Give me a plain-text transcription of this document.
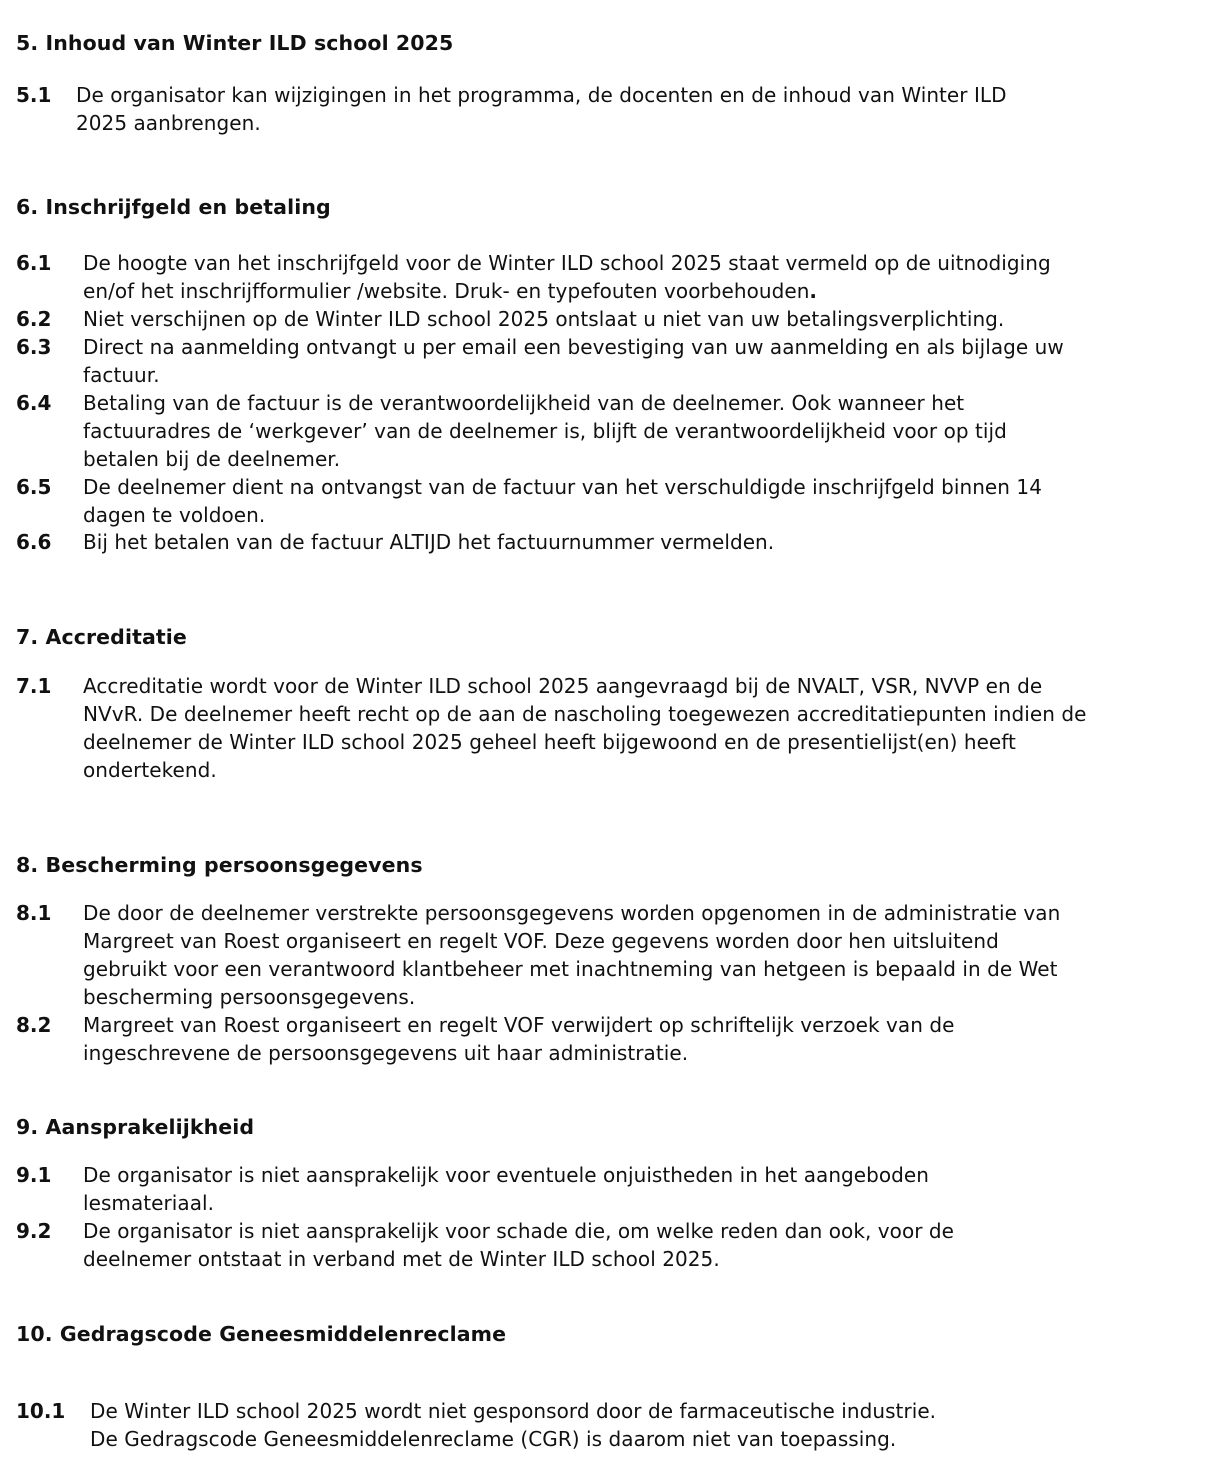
5. Inhoud van Winter ILD school 2025
5.1 De organisator kan wijzigingen in het programma, de docenten en de inhoud van Winter ILD
2025 aanbrengen.
6. Inschrijfgeld en betaling
6.1 De hoogte van het inschrijfgeld voor de Winter ILD school 2025 staat vermeld op de uitnodiging
en/of het inschrijfformulier /website. Druk- en typefouten voorbehouden.
6.2 Niet verschijnen op de Winter ILD school 2025 ontslaat u niet van uw betalingsverplichting.
6.3 Direct na aanmelding ontvangt u per email een bevestiging van uw aanmelding en als bijlage uw
factuur.
6.4 Betaling van de factuur is de verantwoordelijkheid van de deelnemer. Ook wanneer het
factuuradres de ‘werkgever’ van de deelnemer is, blijft de verantwoordelijkheid voor op tijd
betalen bij de deelnemer.
6.5 De deelnemer dient na ontvangst van de factuur van het verschuldigde inschrijfgeld binnen 14
dagen te voldoen.
6.6 Bij het betalen van de factuur ALTIJD het factuurnummer vermelden.
7. Accreditatie
7.1 Accreditatie wordt voor de Winter ILD school 2025 aangevraagd bij de NVALT, VSR, NVVP en de
NVvR. De deelnemer heeft recht op de aan de nascholing toegewezen accreditatiepunten indien de
deelnemer de Winter ILD school 2025 geheel heeft bijgewoond en de presentielijst(en) heeft
ondertekend.
8. Bescherming persoonsgegevens
8.1 De door de deelnemer verstrekte persoonsgegevens worden opgenomen in de administratie van
Margreet van Roest organiseert en regelt VOF. Deze gegevens worden door hen uitsluitend
gebruikt voor een verantwoord klantbeheer met inachtneming van hetgeen is bepaald in de Wet
bescherming persoonsgegevens.
8.2 Margreet van Roest organiseert en regelt VOF verwijdert op schriftelijk verzoek van de
ingeschrevene de persoonsgegevens uit haar administratie.
9. Aansprakelijkheid
9.1 De organisator is niet aansprakelijk voor eventuele onjuistheden in het aangeboden
lesmateriaal.
9.2 De organisator is niet aansprakelijk voor schade die, om welke reden dan ook, voor de
deelnemer ontstaat in verband met de Winter ILD school 2025.
10. Gedragscode Geneesmiddelenreclame
10.1 De Winter ILD school 2025 wordt niet gesponsord door de farmaceutische industrie.
De Gedragscode Geneesmiddelenreclame (CGR) is daarom niet van toepassing.
